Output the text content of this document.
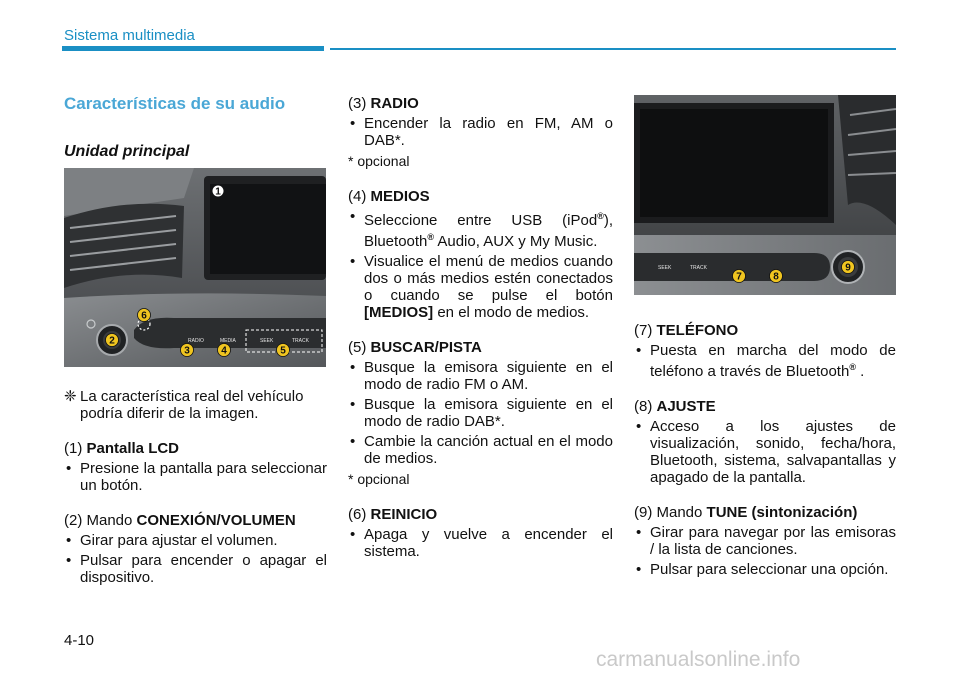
Sistema multimedia
Características de su audio
Unidad principal
RADIO	MEDIA	SEEK	TRACK
1
2
3	4	5
6
SEEK	TRACK
7	8
9

❈ La característica real del vehículo podría diferir de la imagen.

(1) Pantalla LCD

• Presione la pantalla para seleccionar un botón.

(2) Mando CONEXIÓN/VOLUMEN

• Girar para ajustar el volumen.

• Pulsar para encender o apagar el dispositivo.

(3) RADIO

• Encender la radio en FM, AM o DAB*.

* opcional

(4) MEDIOS

• Seleccione entre USB (iPod®), Bluetooth® Audio, AUX y My Music.

• Visualice el menú de medios cuando dos o más medios estén conectados o cuando se pulse el botón [MEDIOS] en el modo de medios.

(5) BUSCAR/PISTA

• Busque la emisora siguiente en el modo de radio FM o AM.

• Busque la emisora siguiente en el modo de radio DAB*.

• Cambie la canción actual en el modo de medios.

* opcional

(6) REINICIO

• Apaga y vuelve a encender el sistema.

(7) TELÉFONO

• Puesta en marcha del modo de teléfono a través de Bluetooth® .

(8) AJUSTE

• Acceso a los ajustes de visualización, sonido, fecha/hora, Bluetooth, sistema, salvapantallas y apagado de la pantalla.

(9) Mando TUNE (sintonización)

• Girar para navegar por las emisoras / la lista de canciones.

• Pulsar para seleccionar una opción.

4-10
carmanualsonline.info
